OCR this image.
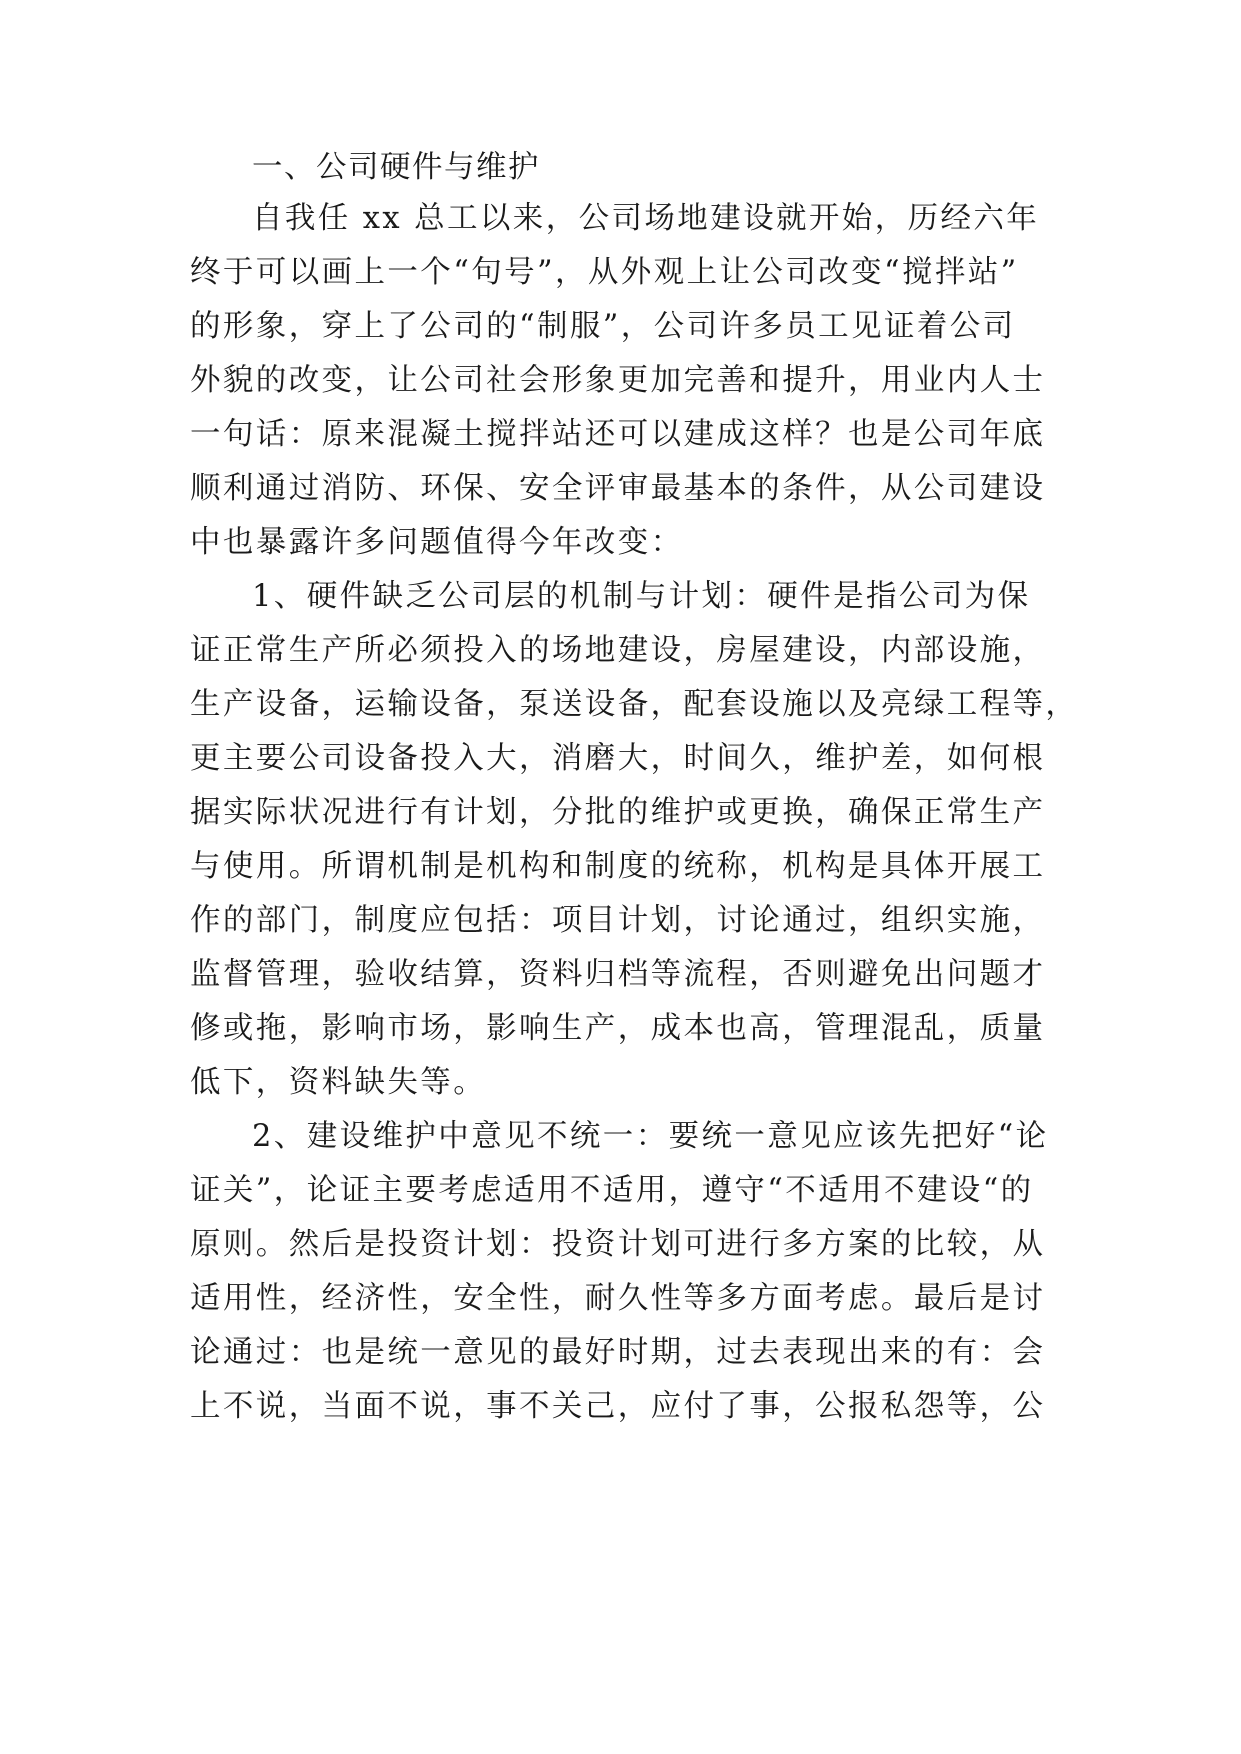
一、公司硬件与维护
自我任 xx 总工以来，公司场地建设就开始，历经六年
终于可以画上一个“句号”，从外观上让公司改变“搅拌站”
的形象，穿上了公司的“制服”，公司许多员工见证着公司
外貌的改变，让公司社会形象更加完善和提升，用业内人士
一句话：原来混凝土搅拌站还可以建成这样？也是公司年底
顺利通过消防、环保、安全评审最基本的条件，从公司建设
中也暴露许多问题值得今年改变：
1、硬件缺乏公司层的机制与计划：硬件是指公司为保
证正常生产所必须投入的场地建设，房屋建设，内部设施，
生产设备，运输设备，泵送设备，配套设施以及亮绿工程等，
更主要公司设备投入大，消磨大，时间久，维护差，如何根
据实际状况进行有计划，分批的维护或更换，确保正常生产
与使用。所谓机制是机构和制度的统称，机构是具体开展工
作的部门，制度应包括：项目计划，讨论通过，组织实施，
监督管理，验收结算，资料归档等流程，否则避免出问题才
修或拖，影响市场，影响生产，成本也高，管理混乱，质量
低下，资料缺失等。
2、建设维护中意见不统一：要统一意见应该先把好“论
证关”，论证主要考虑适用不适用，遵守“不适用不建设“的
原则。然后是投资计划：投资计划可进行多方案的比较，从
适用性，经济性，安全性，耐久性等多方面考虑。最后是讨
论通过：也是统一意见的最好时期，过去表现出来的有：会
上不说，当面不说，事不关己，应付了事，公报私怨等，公
